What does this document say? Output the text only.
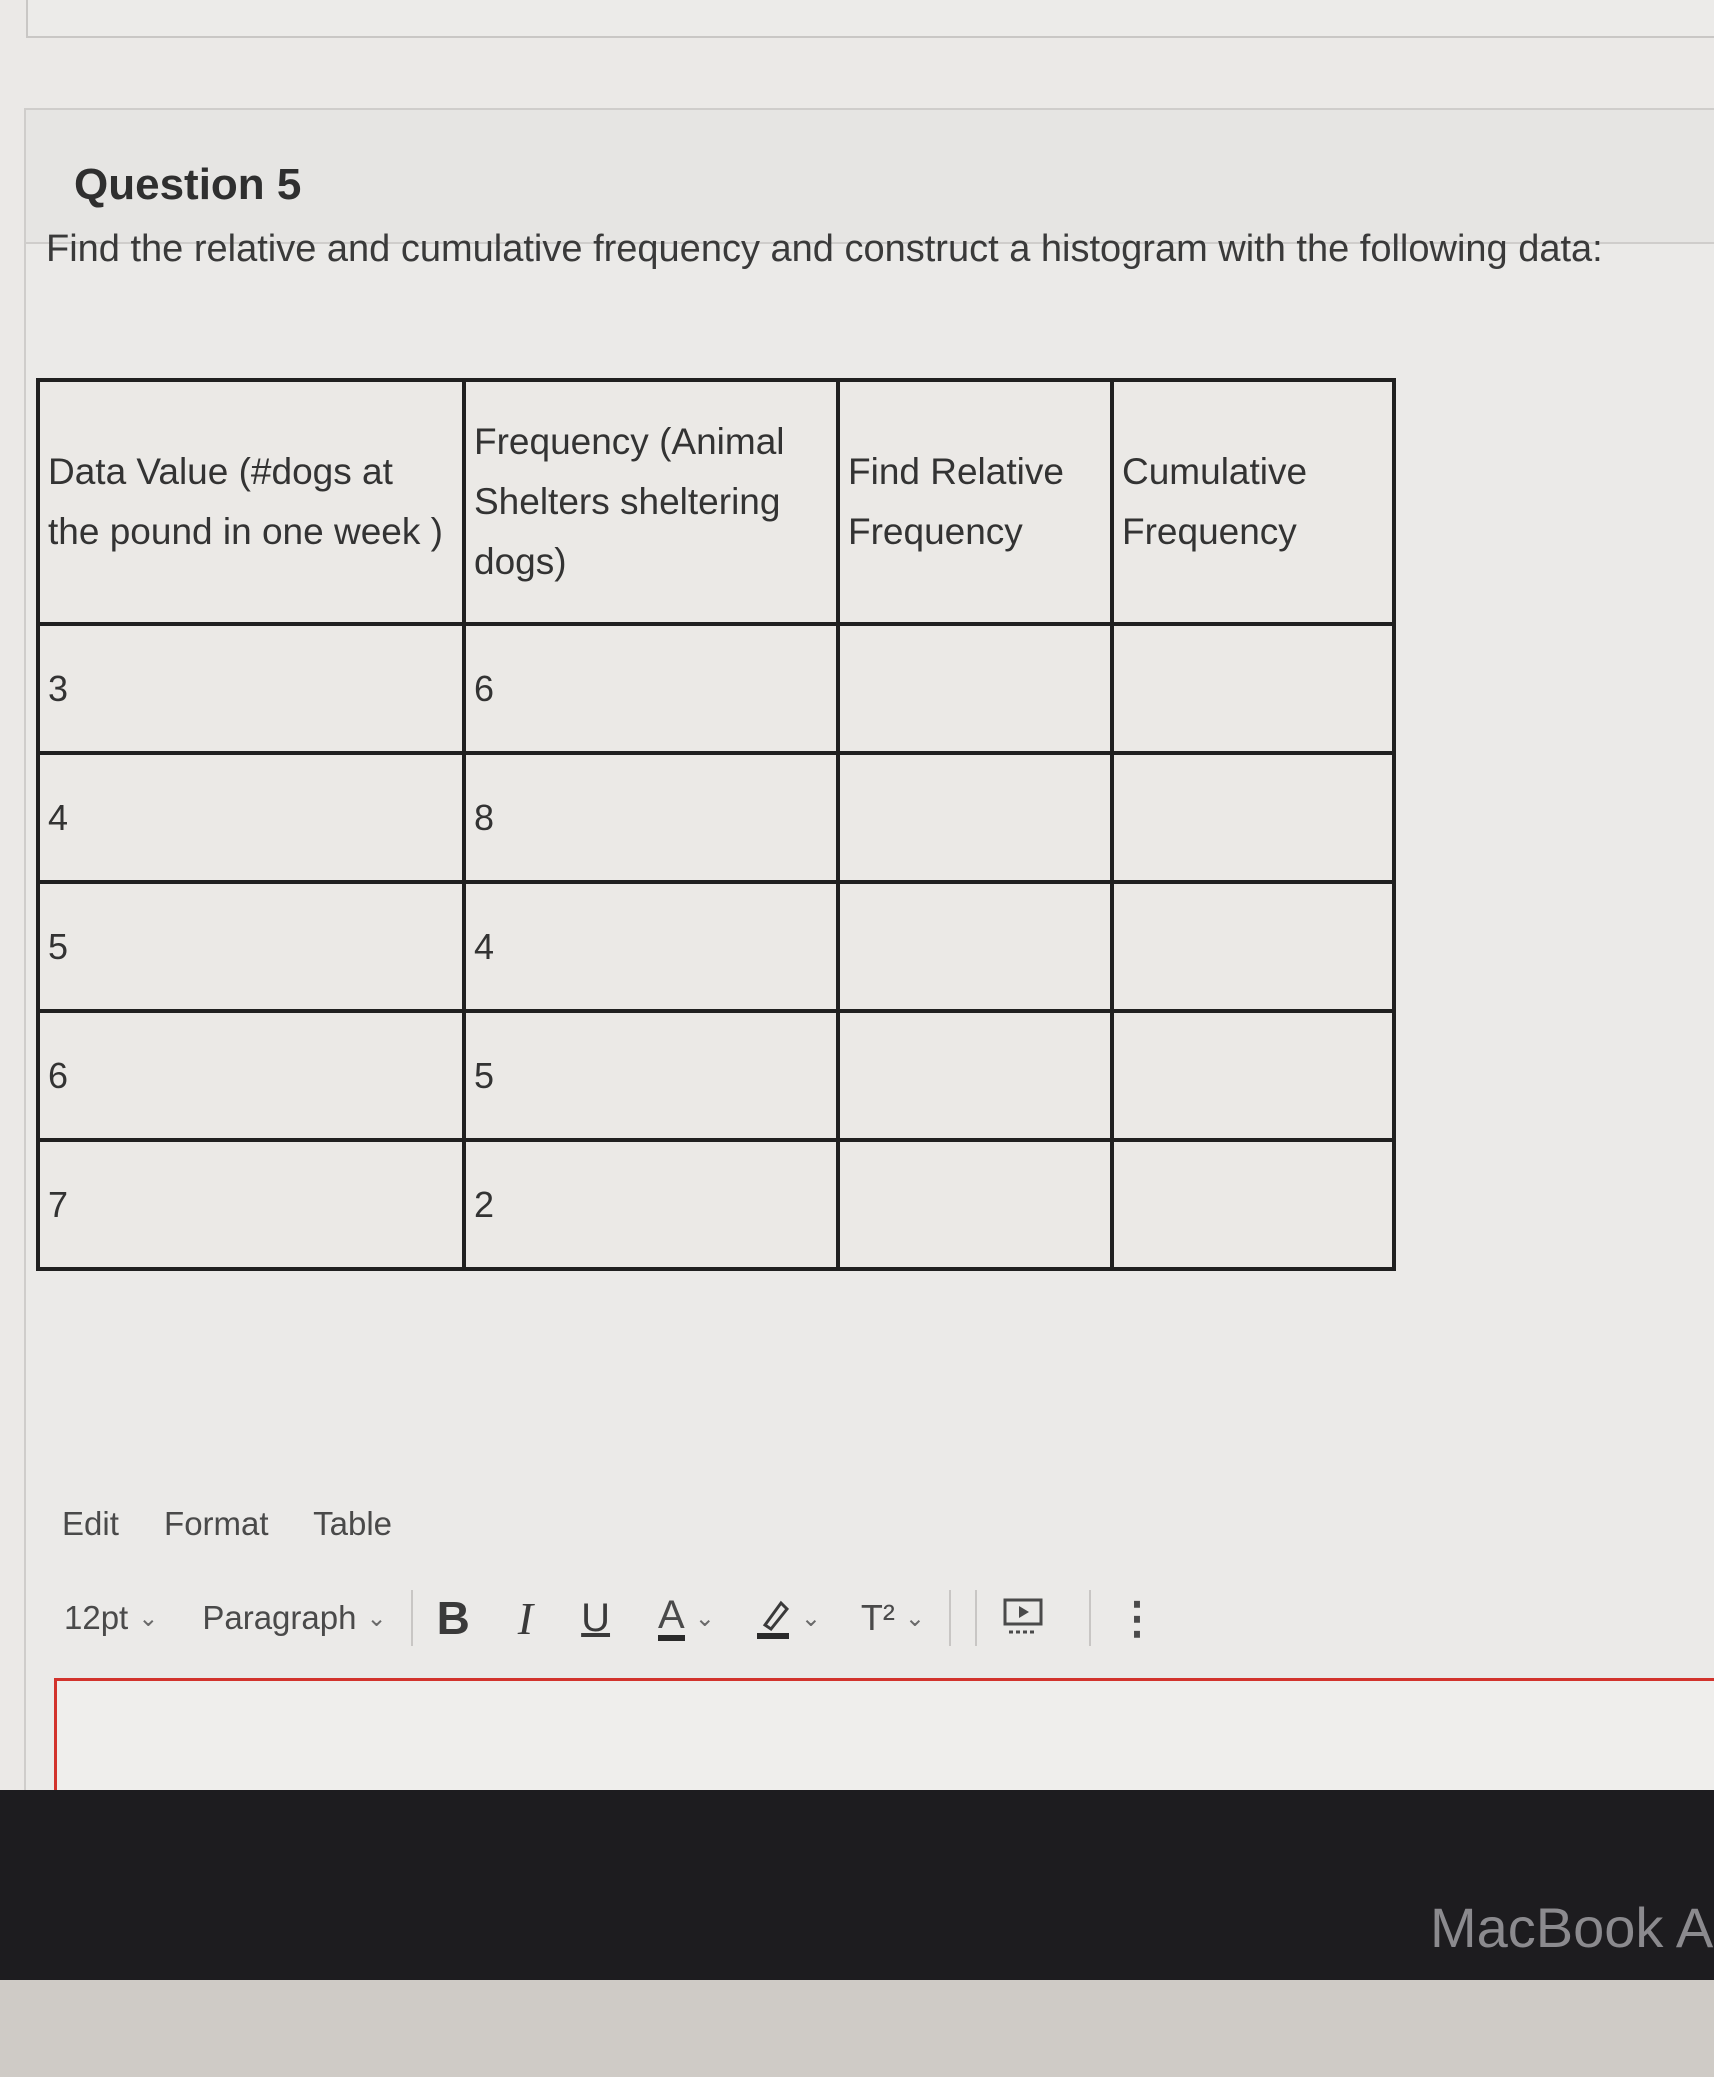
Question 5
Find the relative and cumulative frequency and construct a histogram with the following data:
Data Value (#dogs at the pound in one week )	Frequency (Animal Shelters sheltering dogs)	Find Relative Frequency	Cumulative Frequency
3	6		
4	8		
5	4		
6	5		
7	2		
Edit Format Table
12pt ⌄ Paragraph ⌄ B I U A ⌄	⌄ T² ⌄	⋮
MacBook A
